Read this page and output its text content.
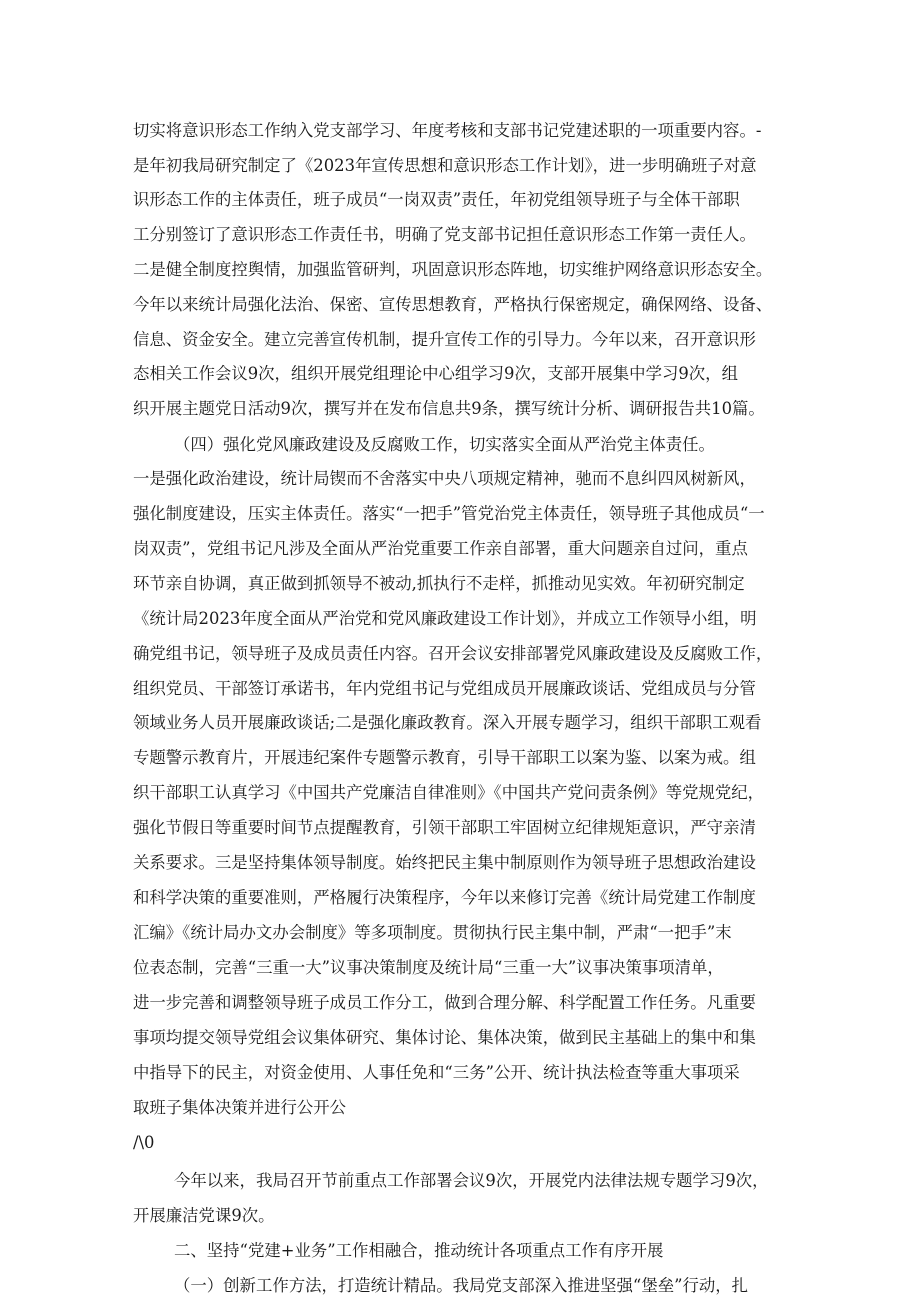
切实将意识形态工作纳入党支部学习、年度考核和支部书记党建述职的一项重要内容。-
是年初我局研究制定了《2023年宣传思想和意识形态工作计划》，进一步明确班子对意
识形态工作的主体责任，班子成员“一岗双责”责任，年初党组领导班子与全体干部职
工分别签订了意识形态工作责任书，明确了党支部书记担任意识形态工作第一责任人。
二是健全制度控舆情，加强监管研判，巩固意识形态阵地，切实维护网络意识形态安全。
今年以来统计局强化法治、保密、宣传思想教育，严格执行保密规定，确保网络、设备、
信息、资金安全。建立完善宣传机制，提升宣传工作的引导力。今年以来，召开意识形
态相关工作会议9次，组织开展党组理论中心组学习9次，支部开展集中学习9次，组
织开展主题党日活动9次，撰写并在发布信息共9条，撰写统计分析、调研报告共10篇。
（四）强化党风廉政建设及反腐败工作，切实落实全面从严治党主体责任。
一是强化政治建设，统计局锲而不舍落实中央八项规定精神，驰而不息纠四风树新风，
强化制度建设，压实主体责任。落实“一把手”管党治党主体责任，领导班子其他成员“一
岗双责”，党组书记凡涉及全面从严治党重要工作亲自部署，重大问题亲自过问，重点
环节亲自协调，真正做到抓领导不被动,抓执行不走样，抓推动见实效。年初研究制定
《统计局2023年度全面从严治党和党风廉政建设工作计划》，并成立工作领导小组，明
确党组书记，领导班子及成员责任内容。召开会议安排部署党风廉政建设及反腐败工作，
组织党员、干部签订承诺书，年内党组书记与党组成员开展廉政谈话、党组成员与分管
领域业务人员开展廉政谈话;二是强化廉政教育。深入开展专题学习，组织干部职工观看
专题警示教育片，开展违纪案件专题警示教育，引导干部职工以案为鉴、以案为戒。组
织干部职工认真学习《中国共产党廉洁自律准则》《中国共产党问责条例》等党规党纪，
强化节假日等重要时间节点提醒教育，引领干部职工牢固树立纪律规矩意识，严守亲清
关系要求。三是坚持集体领导制度。始终把民主集中制原则作为领导班子思想政治建设
和科学决策的重要准则，严格履行决策程序，今年以来修订完善《统计局党建工作制度
汇编》《统计局办文办会制度》等多项制度。贯彻执行民主集中制，严肃“一把手”末
位表态制，完善“三重一大”议事决策制度及统计局“三重一大”议事决策事项清单，
进一步完善和调整领导班子成员工作分工，做到合理分解、科学配置工作任务。凡重要
事项均提交领导党组会议集体研究、集体讨论、集体决策，做到民主基础上的集中和集
中指导下的民主，对资金使用、人事任免和“三务”公开、统计执法检查等重大事项采
取班子集体决策并进行公开公
/\0
今年以来，我局召开节前重点工作部署会议9次，开展党内法律法规专题学习9次，
开展廉洁党课9次。
二、坚持“党建+业务”工作相融合，推动统计各项重点工作有序开展
（一）创新工作方法，打造统计精品。我局党支部深入推进坚强“堡垒”行动，扎
